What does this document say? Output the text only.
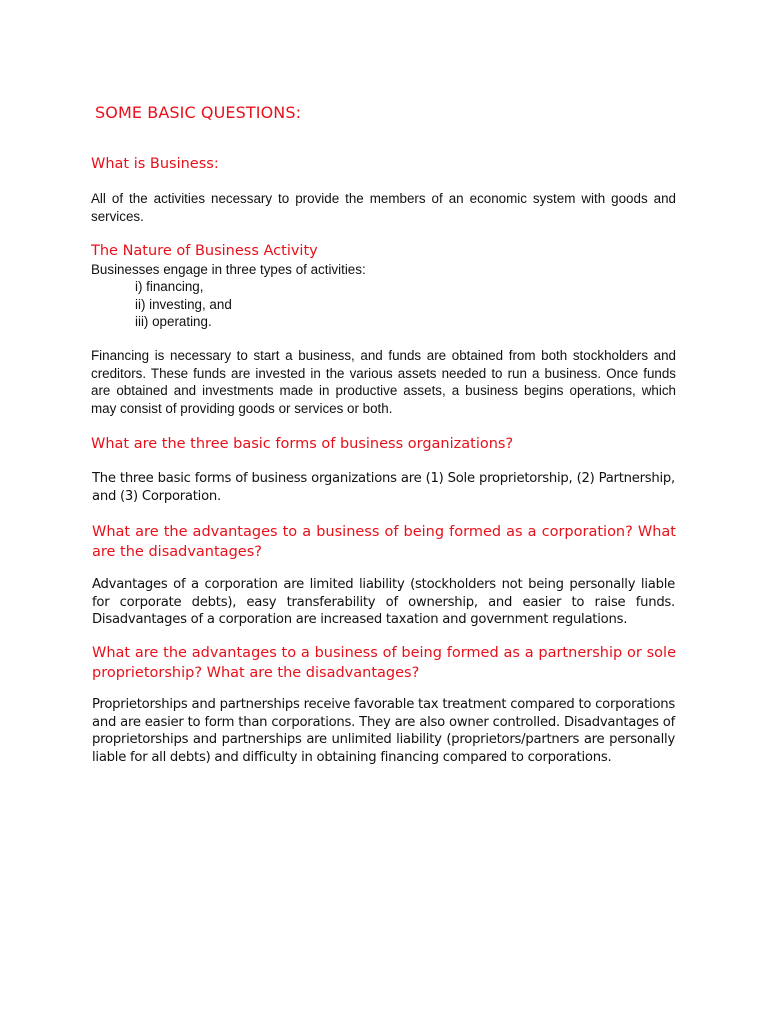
SOME BASIC QUESTIONS:
What is Business:
All of the activities necessary to provide the members of an economic system with goods and services.
The Nature of Business Activity
Businesses engage in three types of activities:
i) financing,
ii) investing, and
iii) operating.
Financing is necessary to start a business, and funds are obtained from both stockholders and creditors. These funds are invested in the various assets needed to run a business. Once funds are obtained and investments made in productive assets, a business begins operations, which may consist of providing goods or services or both.
What are the three basic forms of business organizations?
The three basic forms of business organizations are (1) Sole proprietorship, (2) Partnership, and (3) Corporation.
What are the advantages to a business of being formed as a corporation? What are the disadvantages?
Advantages of a corporation are limited liability (stockholders not being personally liable for corporate debts), easy transferability of ownership, and easier to raise funds. Disadvantages of a corporation are increased taxation and government regulations.
What are the advantages to a business of being formed as a partnership or sole proprietorship? What are the disadvantages?
Proprietorships and partnerships receive favorable tax treatment compared to corporations and are easier to form than corporations. They are also owner controlled. Disadvantages of proprietorships and partnerships are unlimited liability (proprietors/partners are personally liable for all debts) and difficulty in obtaining financing compared to corporations.
